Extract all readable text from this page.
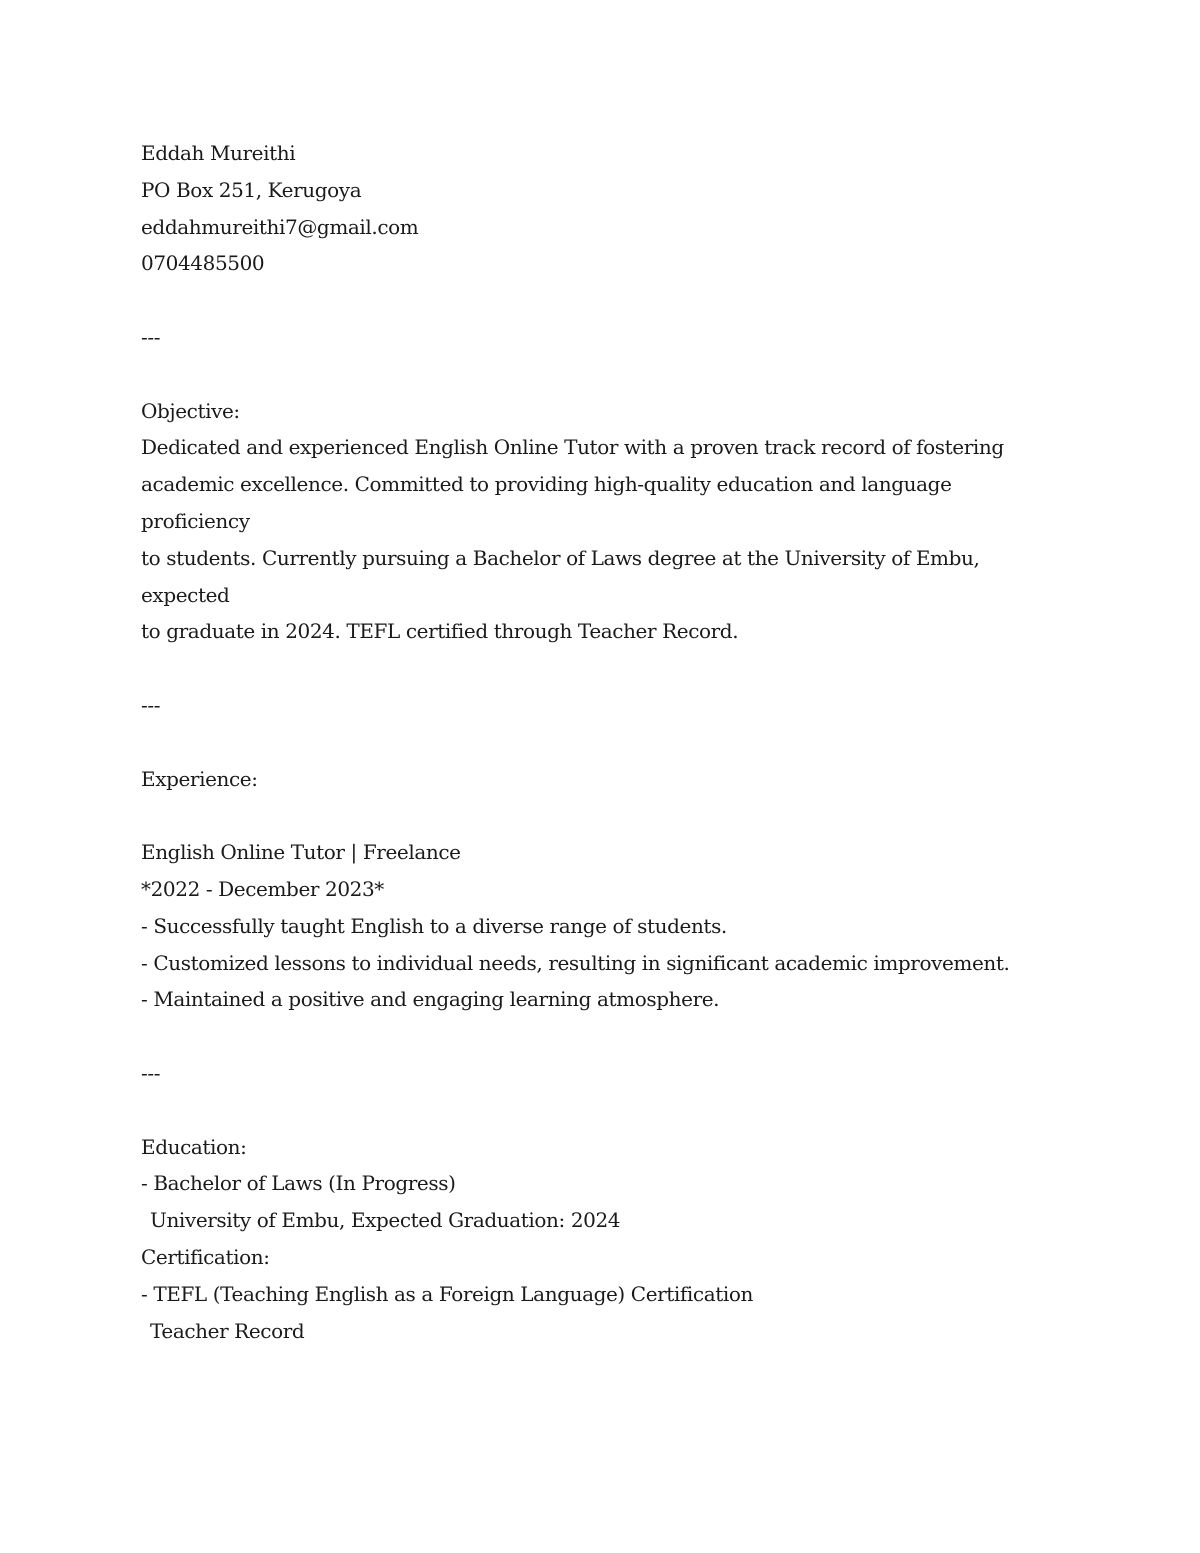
Eddah Mureithi
PO Box 251, Kerugoya
eddahmureithi7@gmail.com
0704485500
---
Objective:
Dedicated and experienced English Online Tutor with a proven track record of fostering
academic excellence. Committed to providing high-quality education and language proficiency
to students. Currently pursuing a Bachelor of Laws degree at the University of Embu, expected
to graduate in 2024. TEFL certified through Teacher Record.
---
Experience:
English Online Tutor | Freelance
*2022 - December 2023*
- Successfully taught English to a diverse range of students.
- Customized lessons to individual needs, resulting in significant academic improvement.
- Maintained a positive and engaging learning atmosphere.
---
Education:
- Bachelor of Laws (In Progress)
University of Embu, Expected Graduation: 2024
Certification:
- TEFL (Teaching English as a Foreign Language) Certification
Teacher Record
